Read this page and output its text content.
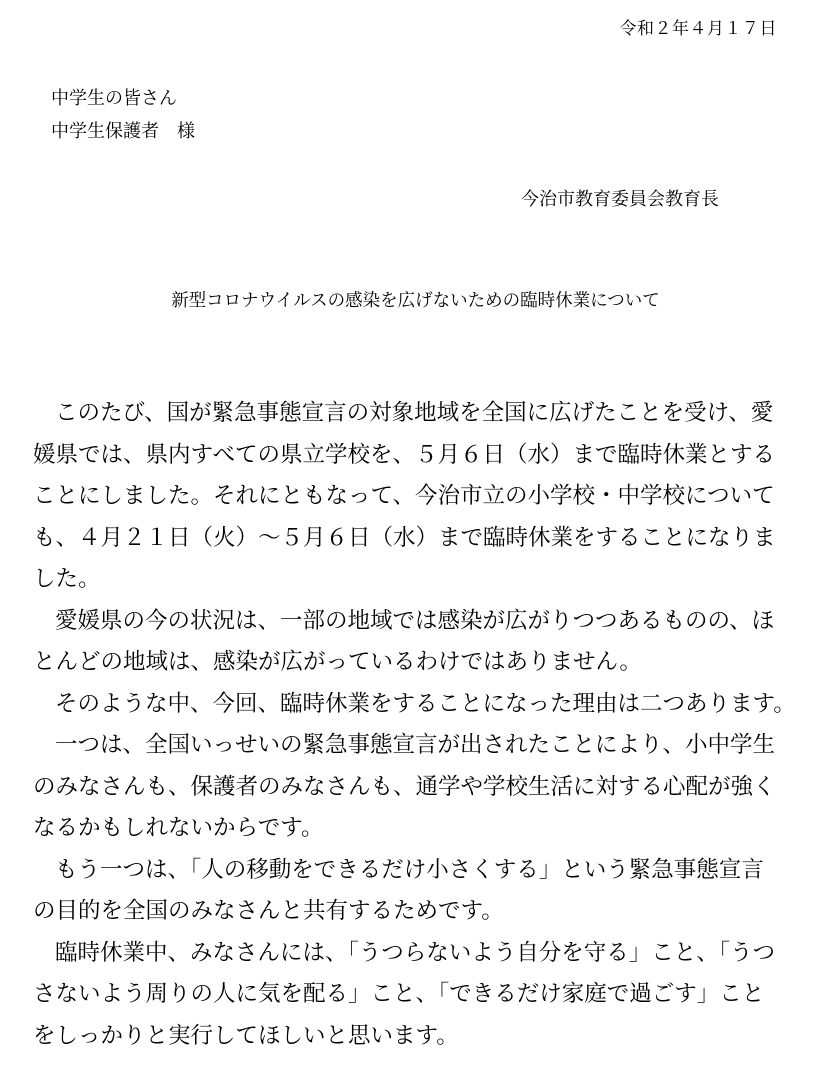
令和２年４月１７日
中学生の皆さん
中学生保護者　様
今治市教育委員会教育長
新型コロナウイルスの感染を広げないための臨時休業について
このたび、国が緊急事態宣言の対象地域を全国に広げたことを受け、愛
媛県では、県内すべての県立学校を、５月６日（水）まで臨時休業とする
ことにしました。それにともなって、今治市立の小学校・中学校について
も、４月２１日（火）～５月６日（水）まで臨時休業をすることになりま
した。
愛媛県の今の状況は、一部の地域では感染が広がりつつあるものの、ほ
とんどの地域は、感染が広がっているわけではありません。
そのような中、今回、臨時休業をすることになった理由は二つあります。
一つは、全国いっせいの緊急事態宣言が出されたことにより、小中学生
のみなさんも、保護者のみなさんも、通学や学校生活に対する心配が強く
なるかもしれないからです。
もう一つは、「人の移動をできるだけ小さくする」という緊急事態宣言
の目的を全国のみなさんと共有するためです。
臨時休業中、みなさんには、「うつらないよう自分を守る」こと、「うつ
さないよう周りの人に気を配る」こと、「できるだけ家庭で過ごす」こと
をしっかりと実行してほしいと思います。
